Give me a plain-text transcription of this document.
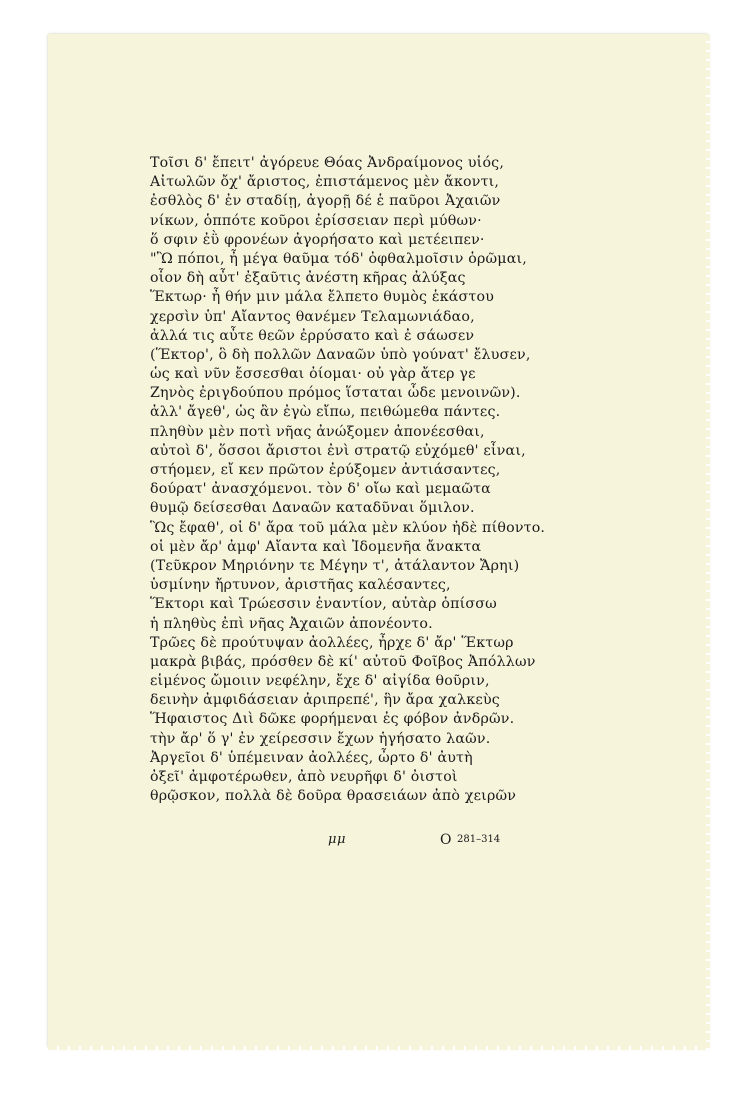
Τοῖσι δ' ἔπειτ' ἀγόρευε Θόας Ἀνδραίμονος υἱός,
Αἰτωλῶν ὄχ' ἄριστος, ἐπιστάμενος μὲν ἄκοντι,
ἐσθλὸς δ' ἐν σταδίῃ, ἀγορῇ δέ ἑ παῦροι Ἀχαιῶν
νίκων, ὁππότε κοῦροι ἐρίσσειαν περὶ μύθων·
ὅ σφιν ἐῢ φρονέων ἀγορήσατο καὶ μετέειπεν·
"Ὢ πόποι, ἦ μέγα θαῦμα τόδ' ὀφθαλμοῖσιν ὁρῶμαι,
οἷον δὴ αὖτ' ἐξαῦτις ἀνέστη κῆρας ἀλύξας
Ἕκτωρ· ἦ θήν μιν μάλα ἔλπετο θυμὸς ἑκάστου
χερσὶν ὑπ' Αἴαντος θανέμεν Τελαμωνιάδαο,
ἀλλά τις αὖτε θεῶν ἐρρύσατο καὶ ἐ σάωσεν
(Ἕκτορ', ὃ δὴ πολλῶν Δαναῶν ὑπὸ γούνατ' ἔλυσεν,
ὡς καὶ νῦν ἔσσεσθαι ὀίομαι· οὐ γὰρ ἄτερ γε
Ζηνὸς ἐριγδούπου πρόμος ἵσταται ὧδε μενοινῶν).
ἀλλ' ἄγεθ', ὡς ἂν ἐγὼ εἴπω, πειθώμεθα πάντες.
πληθὺν μὲν ποτὶ νῆας ἀνώξομεν ἀπονέεσθαι,
αὐτοὶ δ', ὅσσοι ἄριστοι ἐνὶ στρατῷ εὐχόμεθ' εἶναι,
στήομεν, εἴ κεν πρῶτον ἐρύξομεν ἀντιάσαντες,
δούρατ' ἀνασχόμενοι. τὸν δ' οἴω καὶ μεμαῶτα
θυμῷ δείσεσθαι Δαναῶν καταδῦναι ὅμιλον.
Ὣς ἔφαθ', οἱ δ' ἄρα τοῦ μάλα μὲν κλύον ἠδὲ πίθοντο.
οἱ μὲν ἄρ' ἀμφ' Αἴαντα καὶ Ἰδομενῆα ἄνακτα
(Τεῦκρον Μηριόνην τε Μέγην τ', ἀτάλαντον Ἄρηι)
ὑσμίνην ἤρτυνον, ἀριστῆας καλέσαντες,
Ἕκτορι καὶ Τρώεσσιν ἐναντίον, αὐτὰρ ὀπίσσω
ἡ πληθὺς ἐπὶ νῆας Ἀχαιῶν ἀπονέοντο.
Τρῶες δὲ προύτυψαν ἀολλέες, ἦρχε δ' ἄρ' Ἕκτωρ
μακρὰ βιβάς, πρόσθεν δὲ κί' αὐτοῦ Φοῖβος Ἀπόλλων
εἱμένος ὤμοιιν νεφέλην, ἔχε δ' αἰγίδα θοῦριν,
δεινὴν ἀμφιδάσειαν ἀριπρεπέ', ἣν ἄρα χαλκεὺς
Ἥφαιστος Διὶ δῶκε φορήμεναι ἐς φόβον ἀνδρῶν.
τὴν ἄρ' ὅ γ' ἐν χείρεσσιν ἔχων ἡγήσατο λαῶν.
Ἀργεῖοι δ' ὑπέμειναν ἀολλέες, ὦρτο δ' ἀυτὴ
ὀξεῖ' ἀμφοτέρωθεν, ἀπὸ νευρῆφι δ' ὀιστοὶ
θρῷσκον, πολλὰ δὲ δοῦρα θρασειάων ἀπὸ χειρῶν
μμ	Ο 281–314
